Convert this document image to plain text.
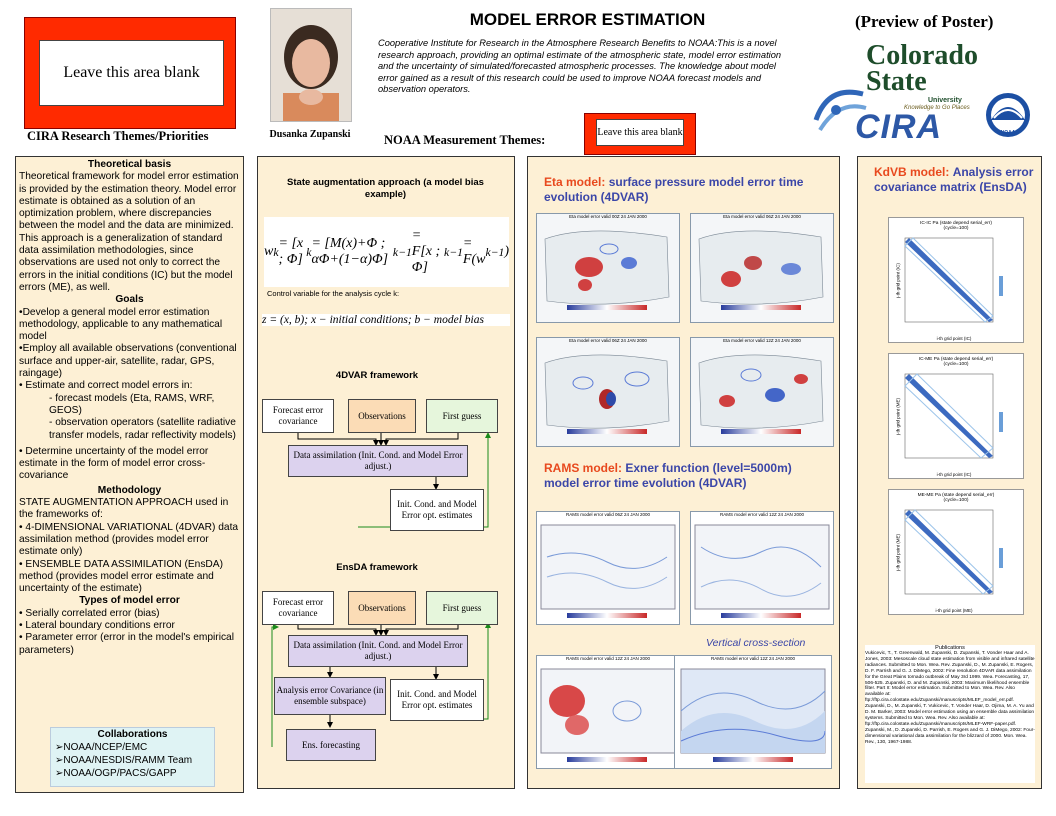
Leave this area blank
Dusanka Zupanski
MODEL ERROR ESTIMATION
Cooperative Institute for Research in the Atmosphere Research Benefits to NOAA:This is a novel research approach, providing an optimal estimate of the atmospheric state, model error estimation and the uncertainty of simulated/forecasted atmospheric processes. The knowledge about model error gained as a result of this research could be used to improve NOAA forecast models and observation operators.
(Preview of Poster)
Colorado
State
University
Knowledge to Go Places
CIRA	NOAA
CIRA Research Themes/Priorities	NOAA Measurement Themes:
Leave this area blank
Theoretical basis
Theoretical framework for model error estimation is provided by the estimation theory. Model error estimate is obtained as a solution of an optimization problem, where discrepancies between the model and the data are minimized. This approach is a generalization of standard data assimilation methodologies, since observations are used not only to correct the errors in the initial conditions (IC) but the model errors (ME), as well.
Goals
•Develop a general model error estimation methodology, applicable to any mathematical model
•Employ all available observations (conventional surface and upper-air, satellite, radar, GPS, raingage)
• Estimate and correct model errors in:
- forecast models (Eta, RAMS, WRF, GEOS)
- observation operators (satellite radiative transfer models, radar reflectivity models)
• Determine uncertainty of the model error estimate in the form of model error cross-covariance
Methodology
STATE AUGMENTATION APPROACH used in the frameworks of:
• 4-DIMENSIONAL VARIATIONAL (4DVAR) data assimilation method (provides model error estimate only)
• ENSEMBLE DATA ASSIMILATION (EnsDA) method (provides model error estimate and uncertainty of the estimate)
Types of model error
• Serially correlated error (bias)
• Lateral boundary conditions error
• Parameter error (error in the model's empirical parameters)
Collaborations
➢NOAA/NCEP/EMC
➢NOAA/NESDIS/RAMM Team
➢NOAA/OGP/PACS/GAPP
State augmentation approach (a model bias example)
w k
= [x ; Φ] k
= [M(x)+Φ ; αΦ+(1−α)Φ] k−1
= F[x ; Φ]
k−1
= F(w k−1 )
Control variable for the analysis cycle k:
z = (x, b); x − initial conditions; b − model bias
4DVAR framework
EnsDA framework
Forecast error covariance
Observations	First guess
Data assimilation (Init. Cond. and Model Error adjust.)
Init. Cond. and Model Error opt. estimates
Forecast error covariance
Observations	First guess
Data assimilation (Init. Cond. and Model Error adjust.)
Analysis error Covariance (in ensemble subspace)
Init. Cond. and Model Error opt. estimates
Ens. forecasting
Eta model: surface pressure model error time evolution (4DVAR)
Eta model error valid 00Z 24 JAN 2000	Eta model error valid 06Z 24 JAN 2000
Eta model error valid 06Z 24 JAN 2000	Eta model error valid 12Z 24 JAN 2000
RAMS model: Exner function (level=5000m) model error time evolution (4DVAR)
RAMS model error valid 06Z 24 JAN 2000	RAMS model error valid 12Z 24 JAN 2000
RAMS model error valid 12Z 24 JAN 2000	RAMS model error valid 12Z 24 JAN 2000
Vertical cross-section
KdVB model: Analysis error covariance matrix (EnsDA)
IC-IC Pa (state depend serial_err)
(cycle=100)
i-th grid point (IC)
j-th grid point (IC)
IC-ME Pa (state depend serial_err)
(cycle=100)
i-th grid point (IC)
j-th grid point (ME)
ME-ME Pa (state depend serial_err)
(cycle=100)
i-th grid point (ME)
j-th grid point (ME)
Publications
Vukicevic, T., T. Greenwald, M. Zupanski, D. Zupanski, T. Vonder Haar and A. Jones, 2003: Mesoscale cloud state estimation from visible and infrared satellite radiances. Submitted to Mon. Wea. Rev. Zupanski, D., M. Zupanski, E. Rogers, D. F. Parrish and G. J. DiMego, 2002: Fine resolution 4DVAR data assimilation for the Great Plains tornado outbreak of May 3rd 1999. Wea. Forecasting, 17, 506-525. Zupanski, D. and M. Zupanski, 2003: Maximum likelihood ensemble filter. Part II: Model error estimation. Submitted to Mon. Wea. Rev. Also available at: ftp://ftp.cira.colostate.edu/Zupanski/manuscripts/MLEF_model_err.pdf. Zupanski, D., M. Zupanski, T. Vukicevic, T. Vonder Haar, D. Ojima, M. A. Yu and D. M. Barker, 2003: Model error estimation using an ensemble data assimilation systems. Submitted to Mon. Wea. Rev. Also available at: ftp://ftp.cira.colostate.edu/Zupanski/manuscripts/MLEF-WRF-paper.pdf. Zupanski, M., D. Zupanski, D. Parrish, E. Rogers and G. J. DiMego, 2002: Four-dimensional variational data assimilation for the blizzard of 2000. Mon. Wea. Rev., 130, 1967-1988.
